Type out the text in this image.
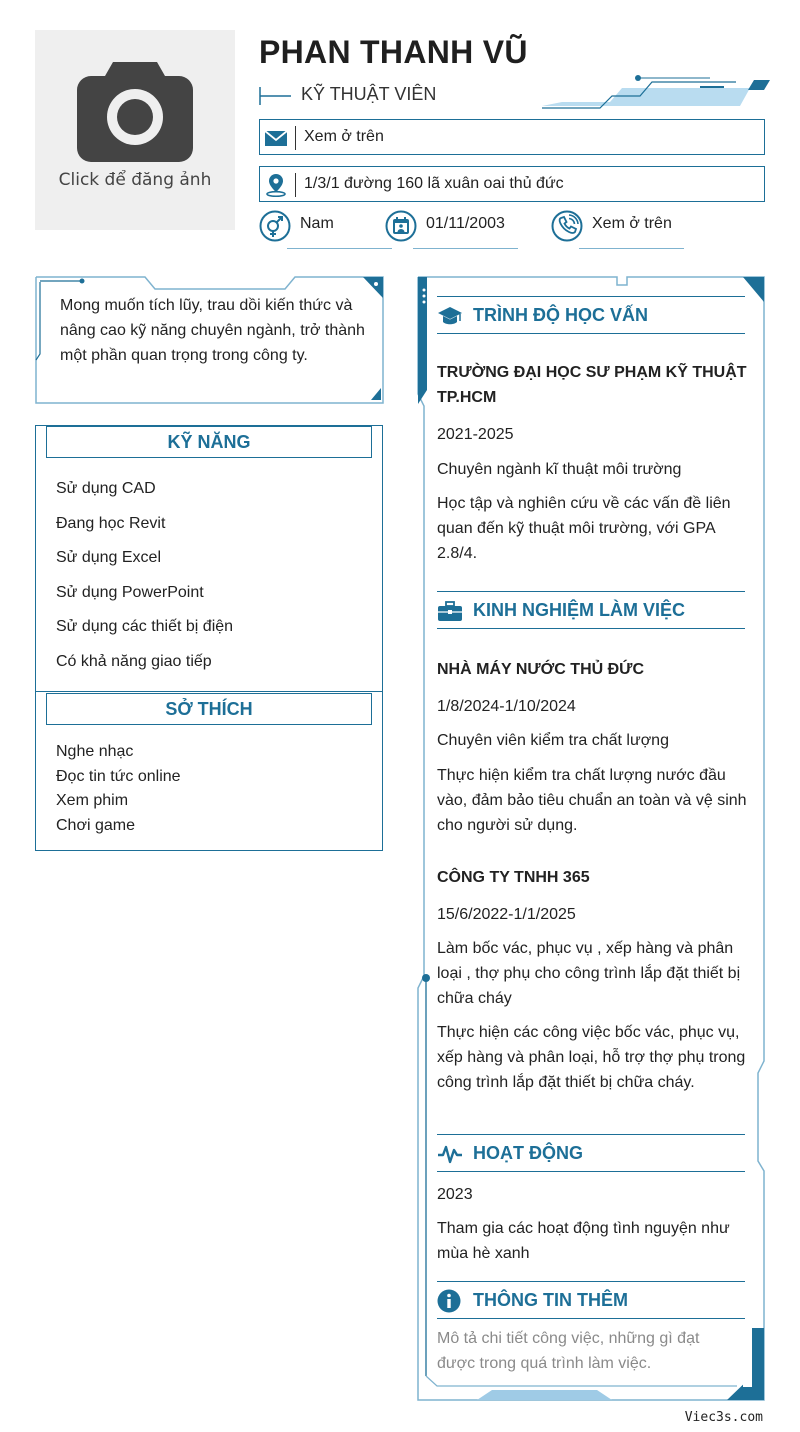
Click để đăng ảnh
PHAN THANH VŨ
KỸ THUẬT VIÊN
Xem ở trên
1/3/1 đường 160 lã xuân oai thủ đức
Nam	01/11/2003	Xem ở trên
Mong muốn tích lũy, trau dồi kiến thức và nâng cao kỹ năng chuyên ngành, trở thành một phần quan trọng trong công ty.
KỸ NĂNG
Sử dụng CAD
Đang học Revit
Sử dụng Excel
Sử dụng PowerPoint
Sử dụng các thiết bị điện
Có khả năng giao tiếp
SỞ THÍCH
Nghe nhạc
Đọc tin tức online
Xem phim
Chơi game
TRÌNH ĐỘ HỌC VẤN
TRƯỜNG ĐẠI HỌC SƯ PHẠM KỸ THUẬT TP.HCM
2021-2025
Chuyên ngành kĩ thuật môi trường
Học tập và nghiên cứu về các vấn đề liên quan đến kỹ thuật môi trường, với GPA 2.8/4.
KINH NGHIỆM LÀM VIỆC
NHÀ MÁY NƯỚC THỦ ĐỨC
1/8/2024-1/10/2024
Chuyên viên kiểm tra chất lượng
Thực hiện kiểm tra chất lượng nước đầu vào, đảm bảo tiêu chuẩn an toàn và vệ sinh cho người sử dụng.
CÔNG TY TNHH 365
15/6/2022-1/1/2025
Làm bốc vác, phục vụ , xếp hàng và phân loại , thợ phụ cho công trình lắp đặt thiết bị chữa cháy
Thực hiện các công việc bốc vác, phục vụ, xếp hàng và phân loại, hỗ trợ thợ phụ trong công trình lắp đặt thiết bị chữa cháy.
HOẠT ĐỘNG
2023
Tham gia các hoạt động tình nguyện như mùa hè xanh
THÔNG TIN THÊM
Mô tả chi tiết công việc, những gì đạt được trong quá trình làm việc.
Viec3s.com
